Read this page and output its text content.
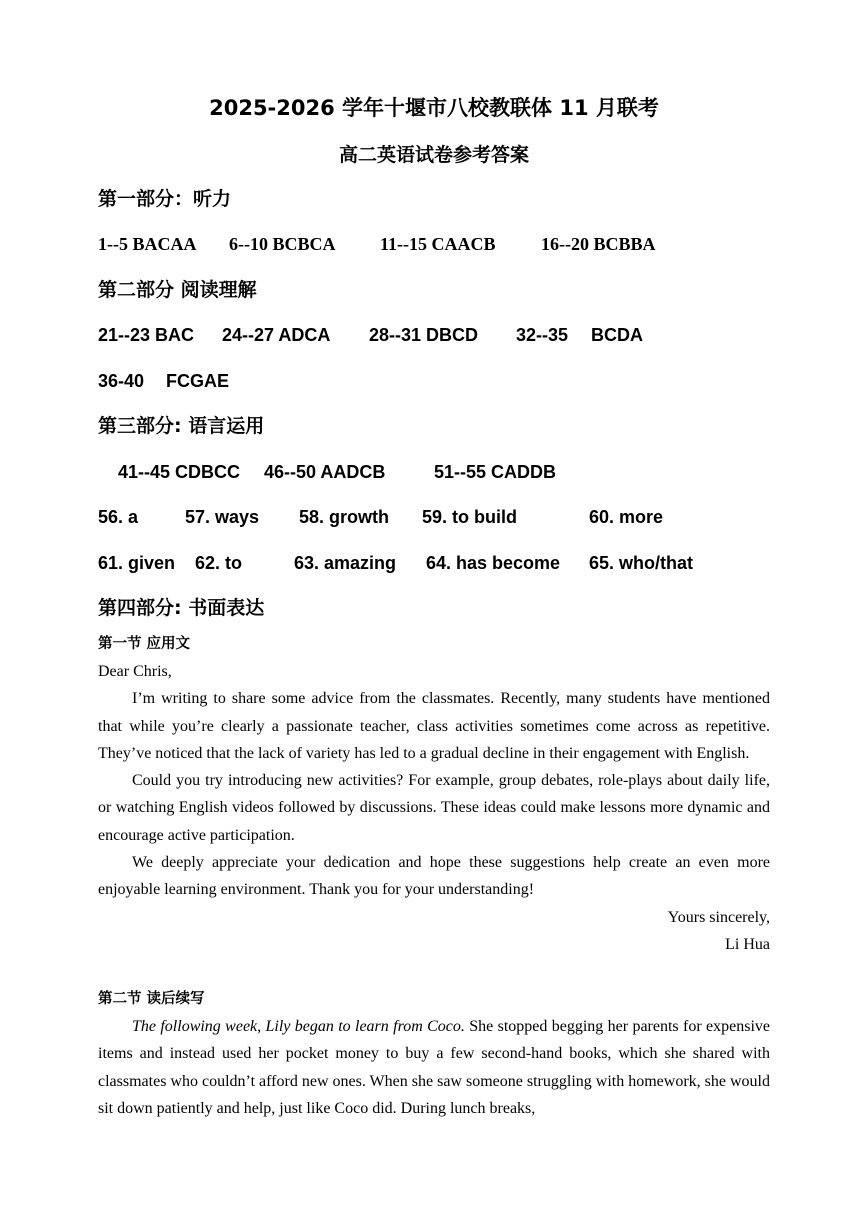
2025-2026 学年十堰市八校教联体 11 月联考
高二英语试卷参考答案
第一部分：听力
1--5 BACAA 6--10 BCBCA 11--15 CAACB	16--20 BCBBA
第二部分 阅读理解
21--23 BAC 24--27 ADCA 28--31 DBCD 32--35 BCDA
36-40 FCGAE
第三部分: 语言运用
41--45 CDBCC 46--50 AADCB	51--55 CADDB
56. a	57. ways 58. growth 59. to build	60. more
61. given 62. to	63. amazing 64. has become 65. who/that
第四部分: 书面表达
第一节 应用文

Dear Chris,

I’m writing to share some advice from the classmates. Recently, many students have mentioned that while you’re clearly a passionate teacher, class activities sometimes come across as repetitive. They’ve noticed that the lack of variety has led to a gradual decline in their engagement with English.

Could you try introducing new activities? For example, group debates, role-plays about daily life, or watching English videos followed by discussions. These ideas could make lessons more dynamic and encourage active participation.

We deeply appreciate your dedication and hope these suggestions help create an even more enjoyable learning environment. Thank you for your understanding!

Yours sincerely,

Li Hua

第二节 读后续写
The following week, Lily began to learn from Coco. She stopped begging her parents for expensive items and instead used her pocket money to buy a few second-hand books, which she shared with classmates who couldn’t afford new ones. When she saw someone struggling with homework, she would sit down patiently and help, just like Coco did. During lunch breaks,
